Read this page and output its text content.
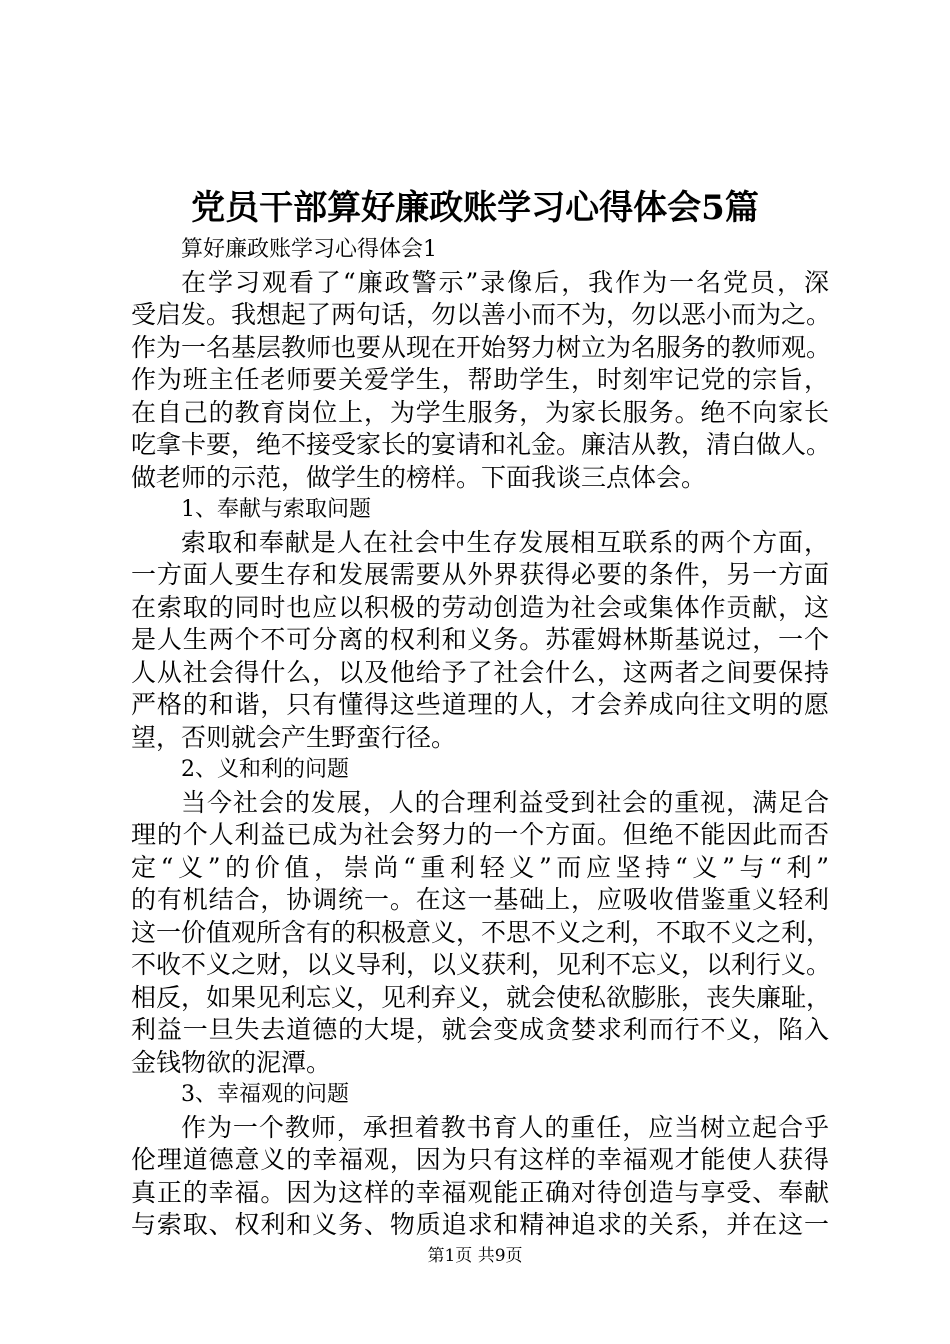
党员干部算好廉政账学习心得体会5篇
算好廉政账学习心得体会1
在学习观看了“廉政警示”录像后，我作为一名党员，深
受启发。我想起了两句话，勿以善小而不为，勿以恶小而为之。
作为一名基层教师也要从现在开始努力树立为名服务的教师观。
作为班主任老师要关爱学生，帮助学生，时刻牢记党的宗旨，
在自己的教育岗位上，为学生服务，为家长服务。绝不向家长
吃拿卡要，绝不接受家长的宴请和礼金。廉洁从教，清白做人。
做老师的示范，做学生的榜样。下面我谈三点体会。
1、奉献与索取问题
索取和奉献是人在社会中生存发展相互联系的两个方面，
一方面人要生存和发展需要从外界获得必要的条件，另一方面
在索取的同时也应以积极的劳动创造为社会或集体作贡献，这
是人生两个不可分离的权利和义务。苏霍姆林斯基说过，一个
人从社会得什么，以及他给予了社会什么，这两者之间要保持
严格的和谐，只有懂得这些道理的人，才会养成向往文明的愿
望，否则就会产生野蛮行径。
2、义和利的问题
当今社会的发展，人的合理利益受到社会的重视，满足合
理的个人利益已成为社会努力的一个方面。但绝不能因此而否
定“义”的价值，崇尚“重利轻义”而应坚持“义”与“利”
的有机结合，协调统一。在这一基础上，应吸收借鉴重义轻利
这一价值观所含有的积极意义，不思不义之利，不取不义之利，
不收不义之财，以义导利，以义获利，见利不忘义，以利行义。
相反，如果见利忘义，见利弃义，就会使私欲膨胀，丧失廉耻，
利益一旦失去道德的大堤，就会变成贪婪求利而行不义，陷入
金钱物欲的泥潭。
3、幸福观的问题
作为一个教师，承担着教书育人的重任，应当树立起合乎
伦理道德意义的幸福观，因为只有这样的幸福观才能使人获得
真正的幸福。因为这样的幸福观能正确对待创造与享受、奉献
与索取、权利和义务、物质追求和精神追求的关系，并在这一
第1页 共9页
